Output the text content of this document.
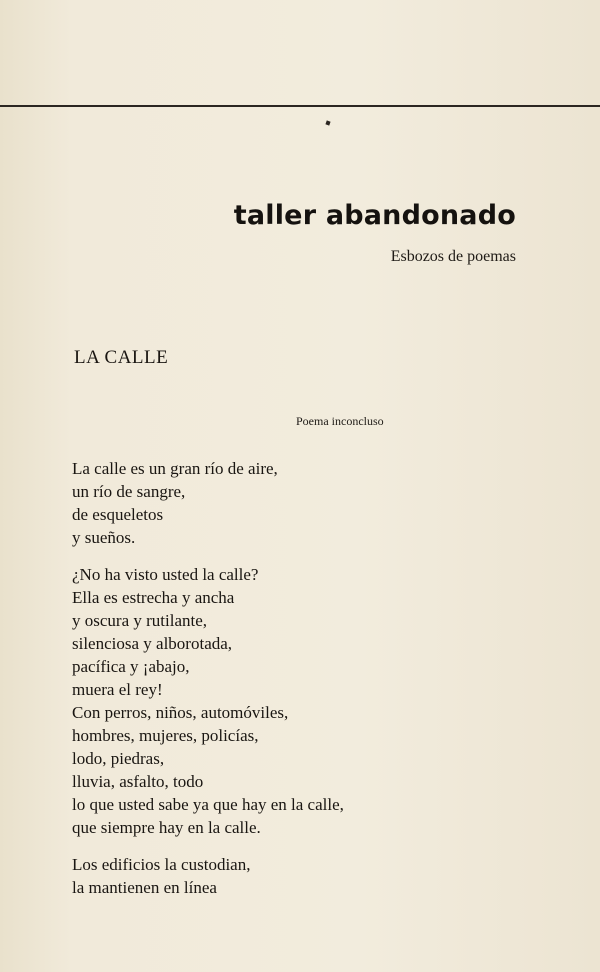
taller abandonado
Esbozos de poemas
LA CALLE
Poema inconcluso
La calle es un gran río de aire,
un río de sangre,
de esqueletos
y sueños.
¿No ha visto usted la calle?
Ella es estrecha y ancha
y oscura y rutilante,
silenciosa y alborotada,
pacífica y ¡abajo,
muera el rey!
Con perros, niños, automóviles,
hombres, mujeres, policías,
lodo, piedras,
lluvia, asfalto, todo
lo que usted sabe ya que hay en la calle,
que siempre hay en la calle.
Los edificios la custodian,
la mantienen en línea
